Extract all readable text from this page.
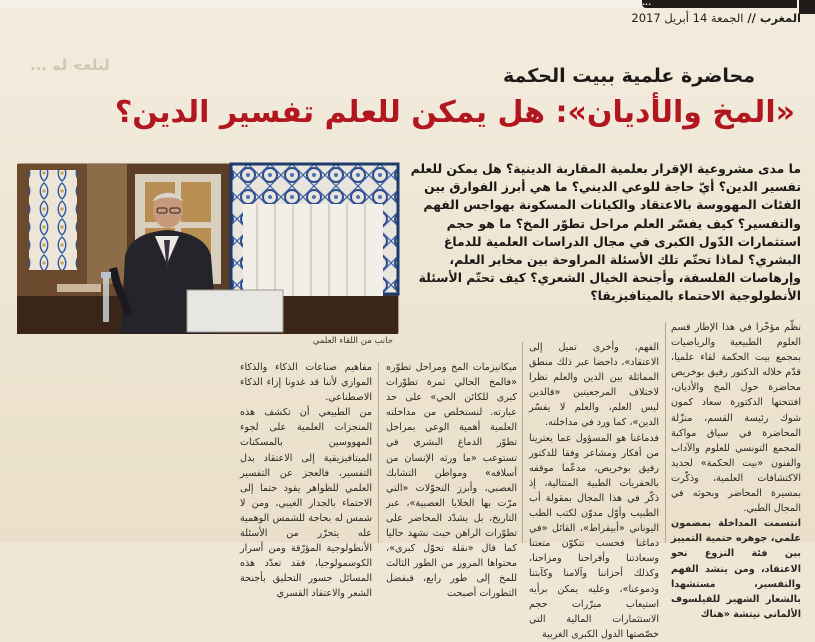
...
المغرب
//
الجمعة 14 أبريل 2017
... ما جعلنا	محاضرة علمية ببيت الحكمة
«المخ والأديان»: هل يمكن للعلم تفسير الدين؟
ما مدى مشروعية الإقرار بعلمية المقاربة الدينية؟ هل يمكن للعلم تفسير الدين؟ أيّ حاجة للوعي الديني؟ ما هي أبرز الفوارق بين الفئات المهووسة بالاعتقاد والكيانات المسكونة بهواجس الفهم والتفسير؟ كيف يفسّر العلم مراحل تطوّر المخ؟ ما هو حجم استثمارات الدّول الكبرى في مجال الدراسات العلمية للدماغ البشري؟ لماذا تحتّم تلك الأسئلة المراوحة بين مخابر العلم، وإرهاصات الفلسفة، وأجنحة الخيال الشعري؟ كيف تحتّم الأسئلة الأنطولوجية الاحتماء بالميتافيزيقا؟
جانب من اللقاء العلمي

نظّم مؤخّرا في هذا الإطار قسم العلوم الطبيعية والرياضيات بمجمع بيت الحكمة لقاء علميا، قدّم خلاله الدكتور رفيق بوخريص محاضرة حول المخ والأديان، افتتحتها الدكتورة سعاد كمون شوك رئيسة القسم، منزّلة المحاضرة في سياق مواكبة المجمع التونسي للعلوم والآداب والفنون «بيت الحكمة» لجديد الاكتشافات العلمية، وذكّرت بمسيرة المحاضر وبحوثه في المجال الطبي.

انتسمت المداخلة بمضمون علمي، جوهره حتمية التمييز بين فئة النزوع نحو الاعتقاد، ومن ينشد الفهم والتفسير، مستشهدا بالشعار الشهير للفيلسوف الألماني نيتشة «هناك

الفهم، وأخرى تميل إلى الاعتقاد»، داحضا عبر ذلك منطق المماثلة بين الدين والعلم نظرا لاختلاف المرجعيتين «فالدين ليس العلم، والعلم لا يفسّر الدين»، كما ورد في مداخلته.

فدماغنا هو المسؤول عما يعترينا من أفكار ومشاعر وفقا للدكتور رفيق بوخريص، مدعّما موقفه بالحفريات الطبية المتتالية، إذ ذكّر في هذا المجال بمقولة أب الطبيب وأوّل مدوّن لكتب الطب اليوناني «أبيقراط»، القائل «في دماغنا فحسب تتكوّن متعتنا وسعادتنا وأفراحنا ومزاحنا، وكذلك أحزاننا وآلامنا وكآبتنا ودموعنا»، وعليه يمكن برأيه استيعاب مبرّرات حجم الاستثمارات المالية التي خصّصتها الدول الكبرى الغربية

ميكانيزمات المخ ومراحل تطوّره «فالمخ الحالي ثمرة تطوّرات كبرى للكائن الحي» على حد عبارته. لنستخلص من مداخلته العلمية أهمية الوعي بمراحل تطوّر الدماغ البشري في تستوعب «ما ورثه الإنسان من أسلافه» ومواطن التشابك العصبي، وأبرز التحوّلات «التي مرّت بها الخلايا العصبية»، عبر التاريخ، بل يشدّد المحاضر على تطوّرات الراهن حيث نشهد حاليا كما قال «نقلة تحوّل كبرى»، محتواها المرور من الطور الثالث للمخ إلى طور رابع، فبفضل التطورات أصبحت

مفاهيم صناعات الذكاء والذكاء الموازي لأننا قد غدونا إزاء الذكاء الاصطناعي.

من الطبيعي أن تكشف هذه المنجزات العلمية على لجوء المهووسين بالمسكنات الميتافيزيقية إلى الاعتقاد بدل التفسير، فالعجز عن التفسير العلمي للظواهر يقود حتما إلى الاحتماء بالجدار الغيبي، ومن لا شمس له بحاجة للشمس الوهمية عله يتحرّر من الأسئلة الأنطولوجية المؤرّقة ومن أسرار الكوسمولوجيا، فقد تعدّد هذه المسائل جسور التحليق بأجنحة الشعر والاعتقاد القسري
